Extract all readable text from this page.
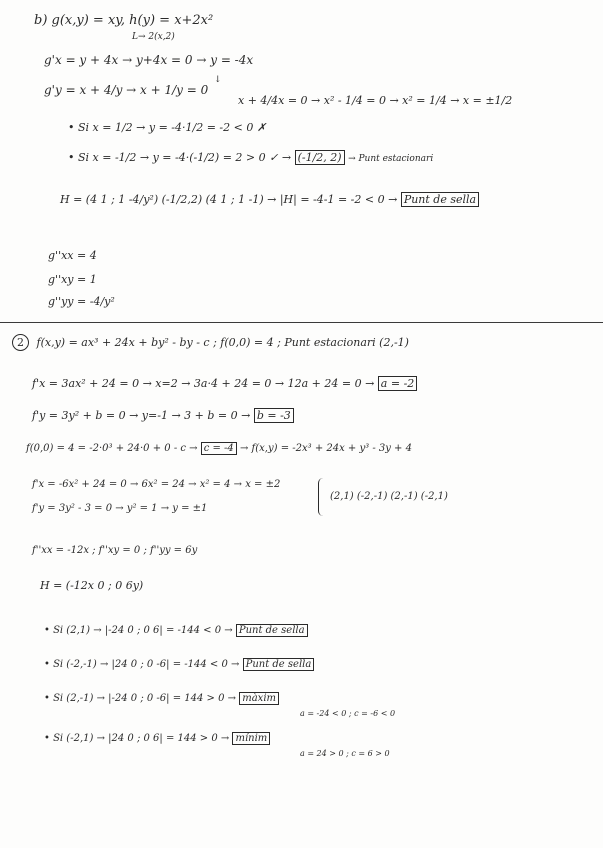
b) g(x,y) = xy, h(y) = x+2x²
L→ 2(x,2)
g'x = y + 4x → y+4x = 0 → y = -4x
g'y = x + 4/y → x + 1/y = 0
↓
x + 4/4x = 0 → x² - 1/4 = 0 → x² = 1/4 → x = ±1/2
• Si x = 1/2 → y = -4·1/2 = -2 < 0 ✗
• Si x = -1/2 → y = -4·(-1/2) = 2 > 0 ✓ → (-1/2, 2) → Punt estacionari
H = (4 1 ; 1 -4/y²) (-1/2,2) (4 1 ; 1 -1) → |H| = -4-1 = -2 < 0 → Punt de sella
g''xx = 4
g''xy = 1
g''yy = -4/y²
2 f(x,y) = ax³ + 24x + by² - by - c ; f(0,0) = 4 ; Punt estacionari (2,-1)
f'x = 3ax² + 24 = 0 → x=2 → 3a·4 + 24 = 0 → 12a + 24 = 0 → a = -2
f'y = 3y² + b = 0 → y=-1 → 3 + b = 0 → b = -3
f(0,0) = 4 = -2·0³ + 24·0 + 0 - c → c = -4 → f(x,y) = -2x³ + 24x + y³ - 3y + 4
f'x = -6x² + 24 = 0 → 6x² = 24 → x² = 4 → x = ±2
f'y = 3y² - 3 = 0 → y² = 1 → y = ±1
(2,1) (-2,-1) (2,-1) (-2,1)
f''xx = -12x ; f''xy = 0 ; f''yy = 6y
H = (-12x 0 ; 0 6y)
• Si (2,1) → |-24 0 ; 0 6| = -144 < 0 → Punt de sella
• Si (-2,-1) → |24 0 ; 0 -6| = -144 < 0 → Punt de sella
• Si (2,-1) → |-24 0 ; 0 -6| = 144 > 0 → màxim
a = -24 < 0 ; c = -6 < 0
• Si (-2,1) → |24 0 ; 0 6| = 144 > 0 → mínim
a = 24 > 0 ; c = 6 > 0
